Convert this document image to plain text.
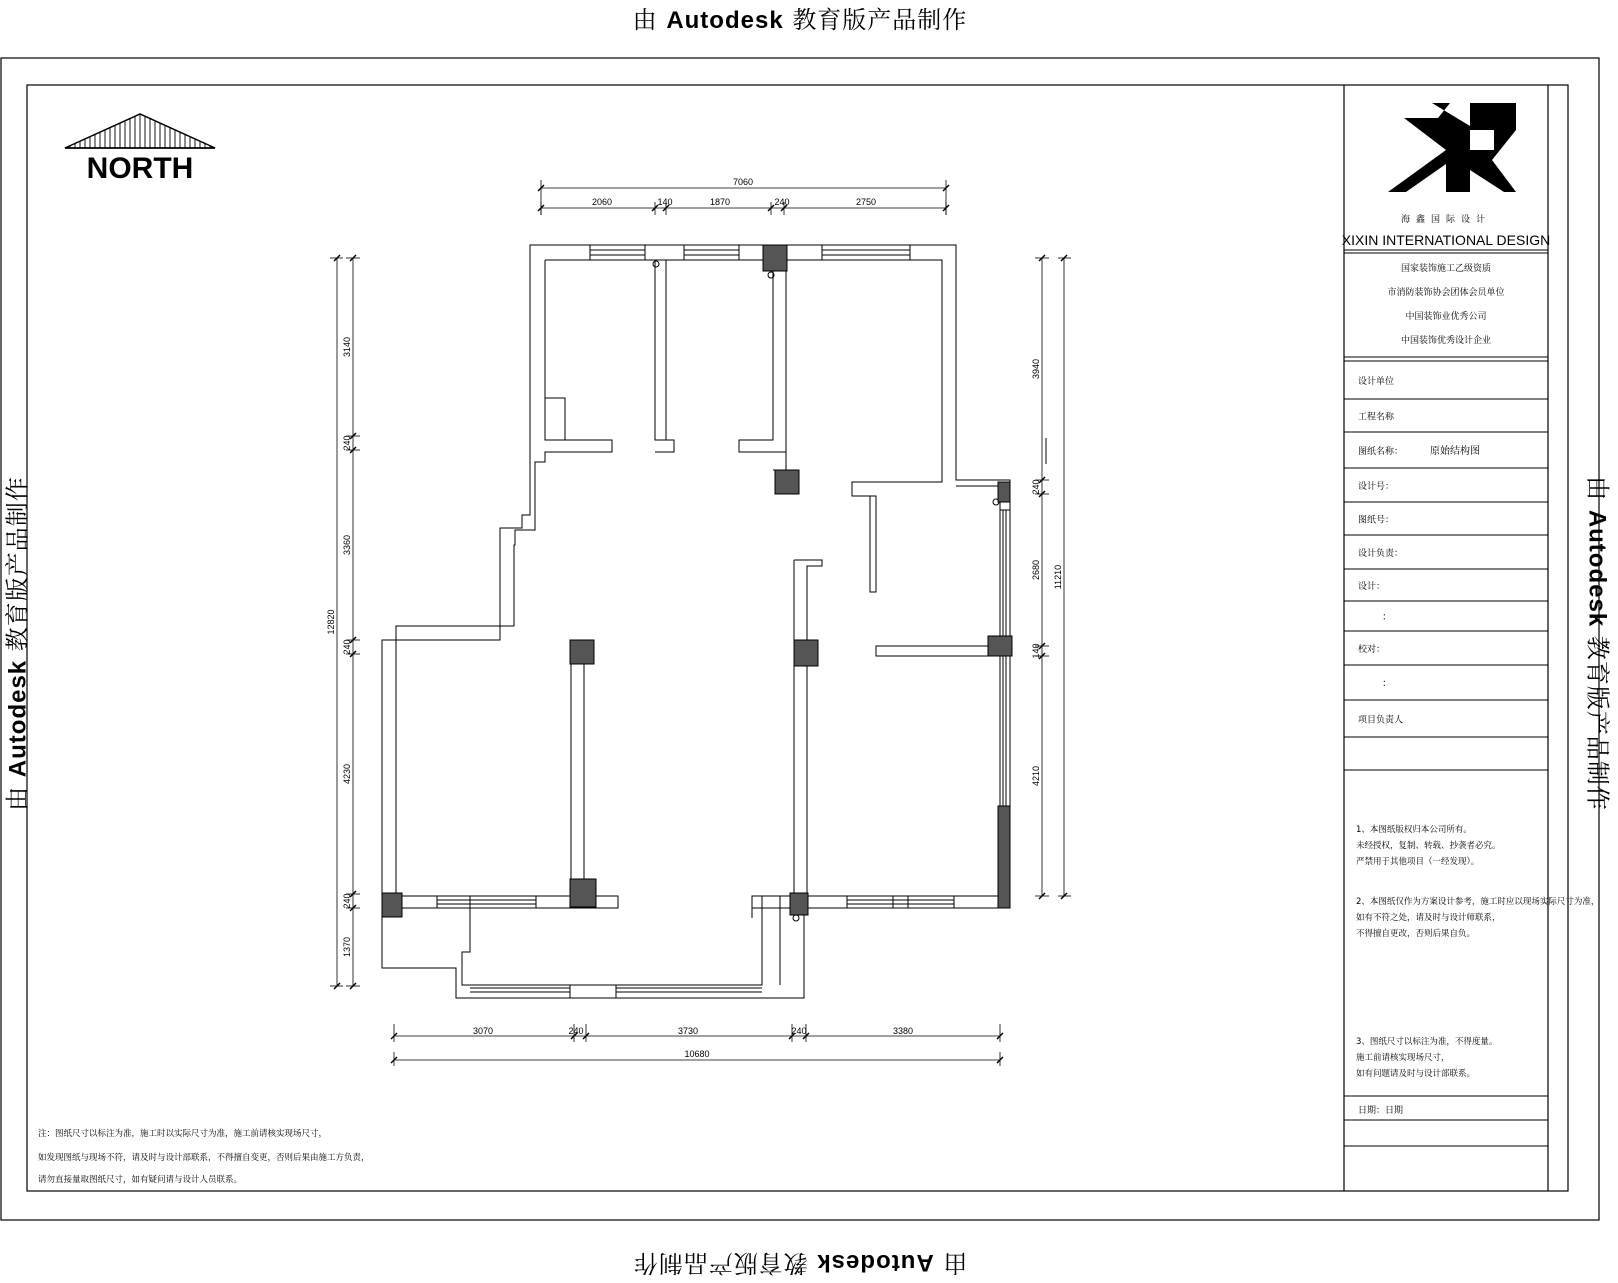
由 Autodesk 教育版产品制作
由 Autodesk 教育版产品制作
由 Autodesk 教育版产品制作	由 Autodesk 教育版产品制作
NORTH
海鑫国际设计
XIXIN INTERNATIONAL DESIGN
国家装饰施工乙级资质
市消防装饰协会团体会员单位
中国装饰业优秀公司
中国装饰优秀设计企业
设计单位
工程名称
图纸名称：	原始结构图
设计号：
图纸号：
设计负责：
设计：
：
校对：
：
项目负责人
1、本图纸版权归本公司所有。
未经授权，复制、转载、抄袭者必究。
严禁用于其他项目（一经发现）。
2、本图纸仅作为方案设计参考，施工时应以现场实际尺寸为准，
如有不符之处，请及时与设计师联系，
不得擅自更改，否则后果自负。
3、图纸尺寸以标注为准，不得度量。
施工前请核实现场尺寸，
如有问题请及时与设计部联系。
日期：日期
注：图纸尺寸以标注为准，施工时以实际尺寸为准，施工前请核实现场尺寸，
如发现图纸与现场不符，请及时与设计部联系，不得擅自变更，否则后果由施工方负责，
请勿直接量取图纸尺寸，如有疑问请与设计人员联系。
7060
2060	140	1870	240	2750
3070	240	3730	240	3380
10680
3140
240
3360
240
4230
240
1370
12820
3940
240
2680
140
4210
11210
